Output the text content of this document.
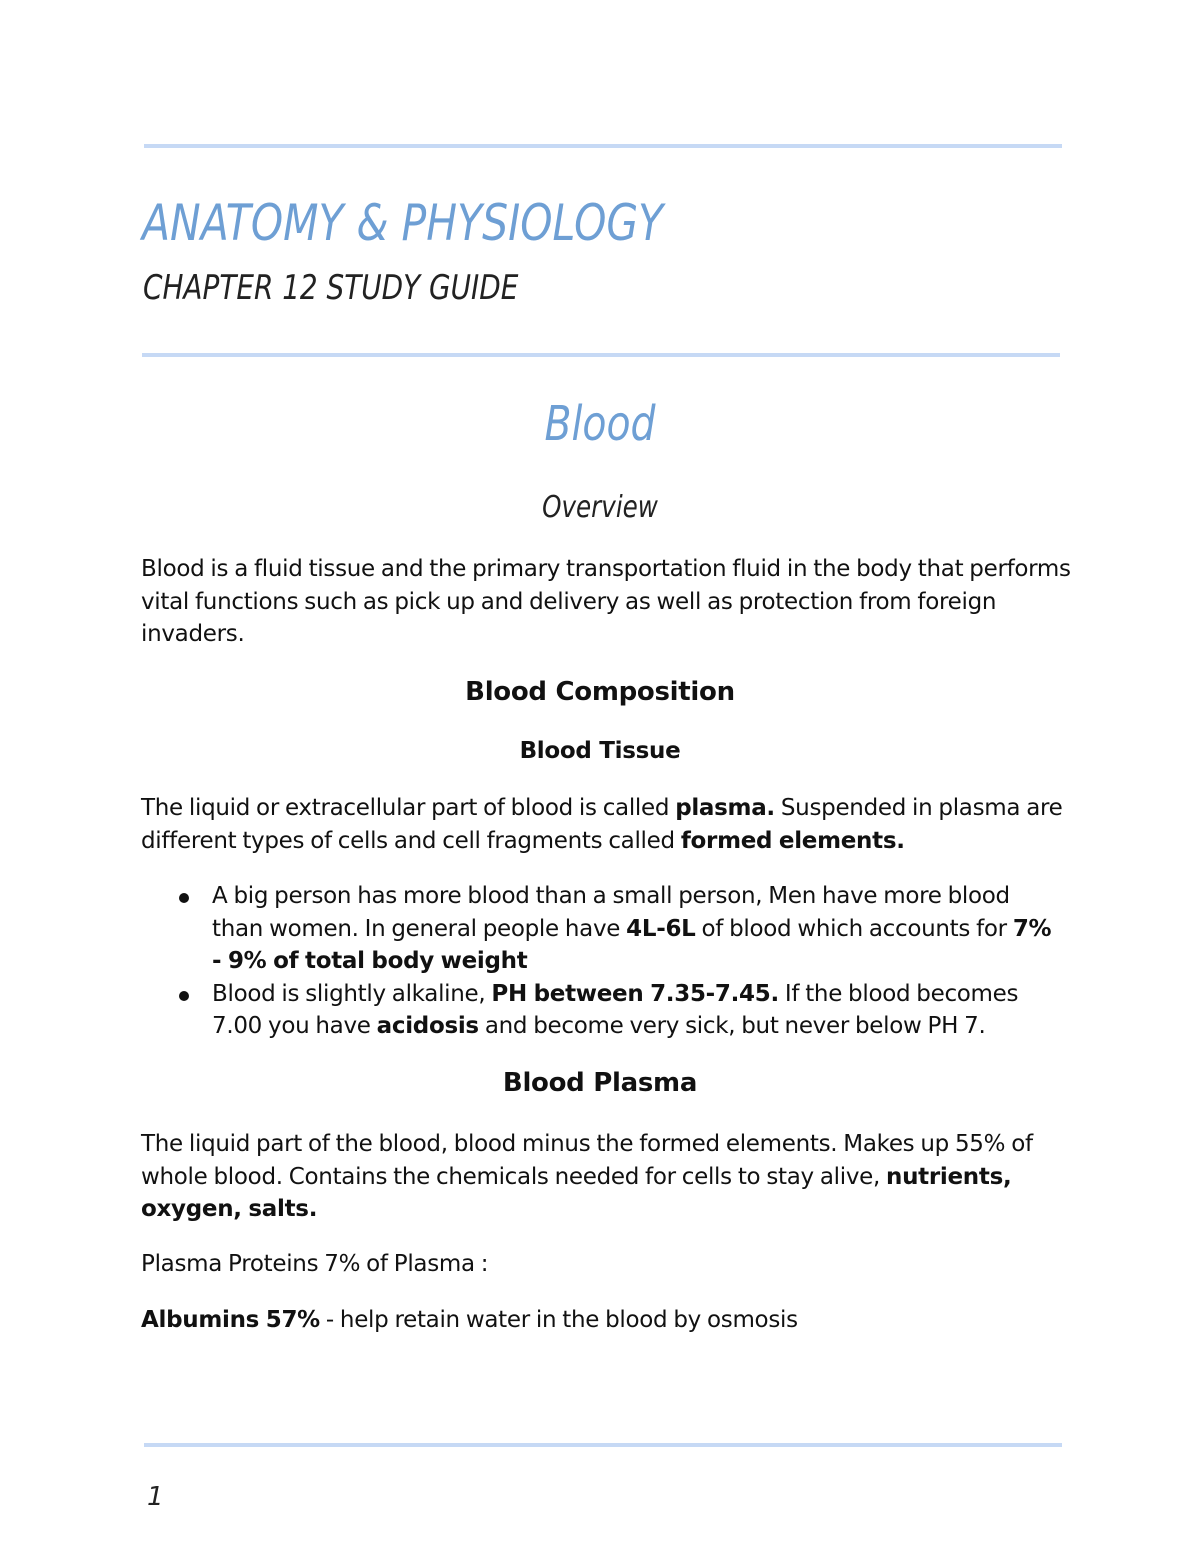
ANATOMY & PHYSIOLOGY
CHAPTER 12 STUDY GUIDE
Blood
Overview

Blood is a fluid tissue and the primary transportation fluid in the body that performs vital functions such as pick up and delivery as well as protection from foreign invaders.

Blood Composition
Blood Tissue

The liquid or extracellular part of blood is called plasma. Suspended in plasma are different types of cells and cell fragments called formed elements.

A big person has more blood than a small person, Men have more blood than women. In general people have 4L-6L of blood which accounts for 7% - 9% of total body weight
Blood is slightly alkaline, PH between 7.35-7.45. If the blood becomes 7.00 you have acidosis and become very sick, but never below PH 7.
Blood Plasma

The liquid part of the blood, blood minus the formed elements. Makes up 55% of whole blood. Contains the chemicals needed for cells to stay alive, nutrients, oxygen, salts.

Plasma Proteins 7% of Plasma :

Albumins 57% - help retain water in the blood by osmosis

1
